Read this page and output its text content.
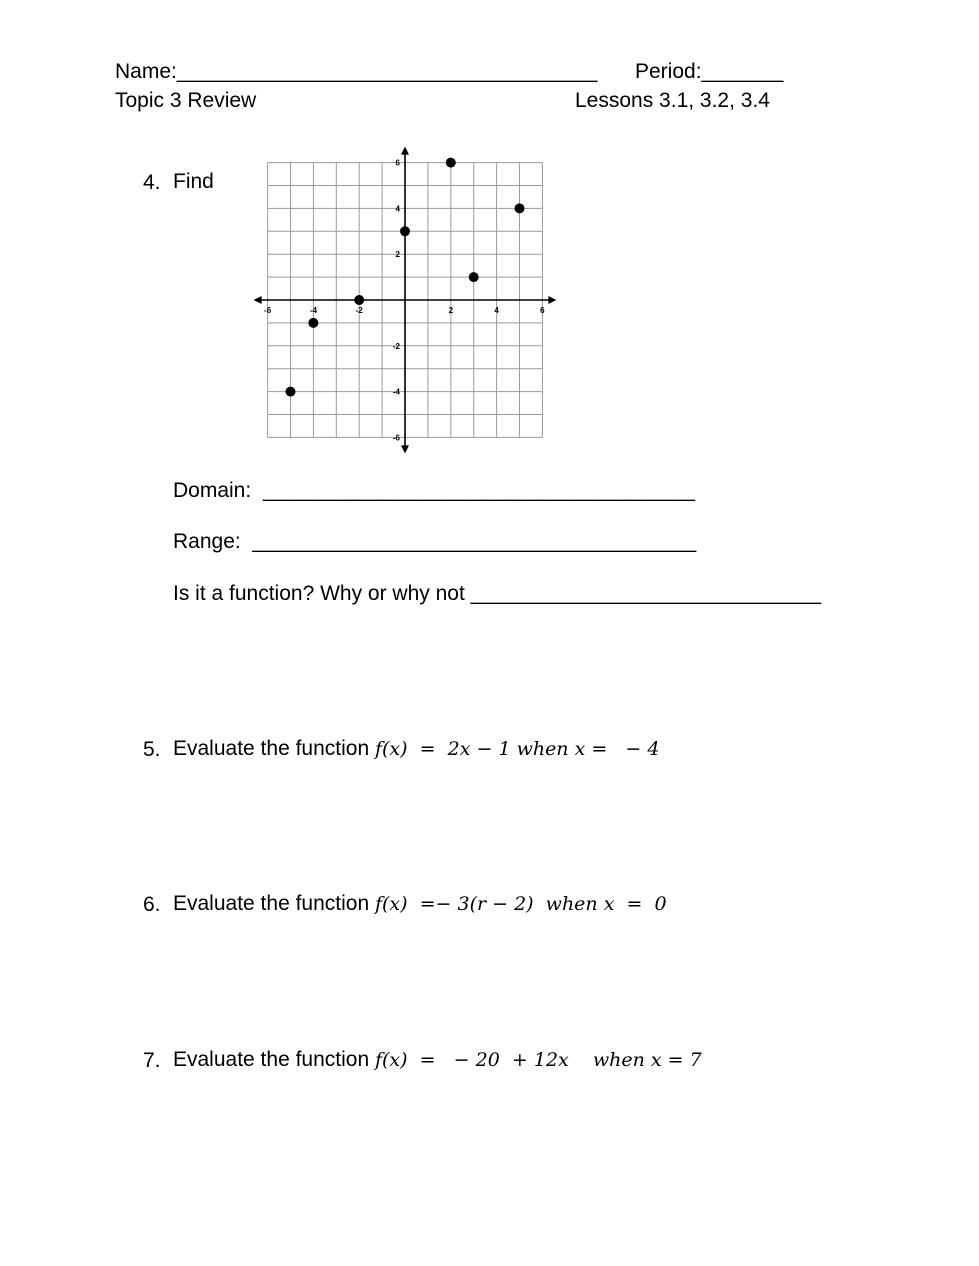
Name:____________________________________ Period:_______
Topic 3 Review	Lessons 3.1, 3.2, 3.4
4. Find
-6	-4	-2	2	4	6
6
4
2
-2
-4
-6
Domain:  _____________________________________
Range:  ______________________________________
Is it a function? Why or why not ______________________________
5. Evaluate the function f(x)  =  2x − 1 when x =   − 4
6. Evaluate the function f(x)  =− 3(r − 2)  when x  =  0
7. Evaluate the function f(x)  =   − 20  + 12x    when x = 7
